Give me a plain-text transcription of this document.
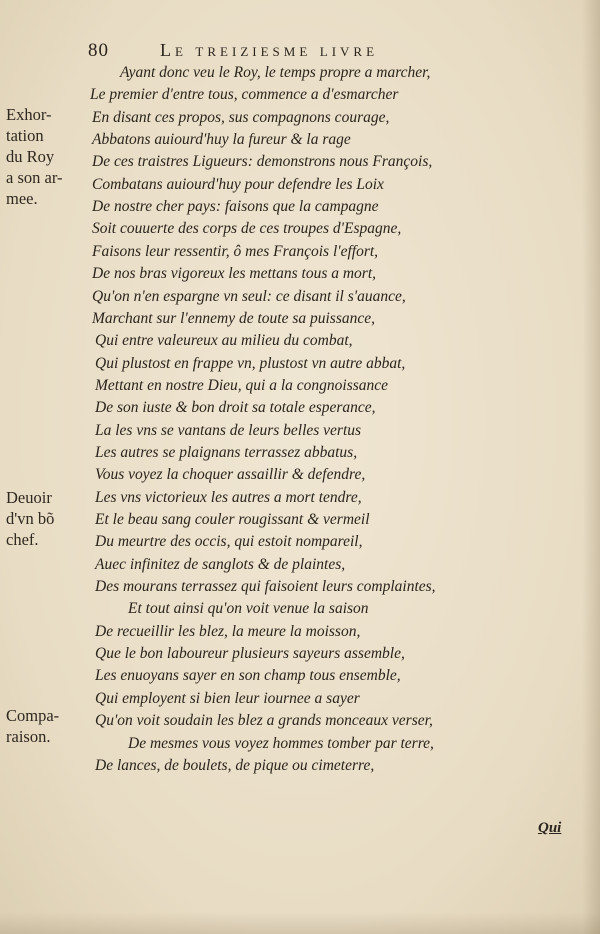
80	Le treiziesme livre
Exhor-
tation
du Roy
a son ar-
mee.
Deuoir
d'vn bõ
chef.
Compa-
raison.
Ayant donc veu le Roy, le temps propre a marcher,
Le premier d'entre tous, commence a d'esmarcher
En disant ces propos, sus compagnons courage,
Abbatons auiourd'huy la fureur & la rage
De ces traistres Ligueurs: demonstrons nous François,
Combatans auiourd'huy pour defendre les Loix
De nostre cher pays: faisons que la campagne
Soit couuerte des corps de ces troupes d'Espagne,
Faisons leur ressentir, ô mes François l'effort,
De nos bras vigoreux les mettans tous a mort,
Qu'on n'en espargne vn seul: ce disant il s'auance,
Marchant sur l'ennemy de toute sa puissance,
Qui entre valeureux au milieu du combat,
Qui plustost en frappe vn, plustost vn autre abbat,
Mettant en nostre Dieu, qui a la congnoissance
De son iuste & bon droit sa totale esperance,
La les vns se vantans de leurs belles vertus
Les autres se plaignans terrassez abbatus,
Vous voyez la choquer assaillir & defendre,
Les vns victorieux les autres a mort tendre,
Et le beau sang couler rougissant & vermeil
Du meurtre des occis, qui estoit nompareil,
Auec infinitez de sanglots & de plaintes,
Des mourans terrassez qui faisoient leurs complaintes,
Et tout ainsi qu'on voit venue la saison
De recueillir les blez, la meure la moisson,
Que le bon laboureur plusieurs sayeurs assemble,
Les enuoyans sayer en son champ tous ensemble,
Qui employent si bien leur iournee a sayer
Qu'on voit soudain les blez a grands monceaux verser,
De mesmes vous voyez hommes tomber par terre,
De lances, de boulets, de pique ou cimeterre,
Qui
